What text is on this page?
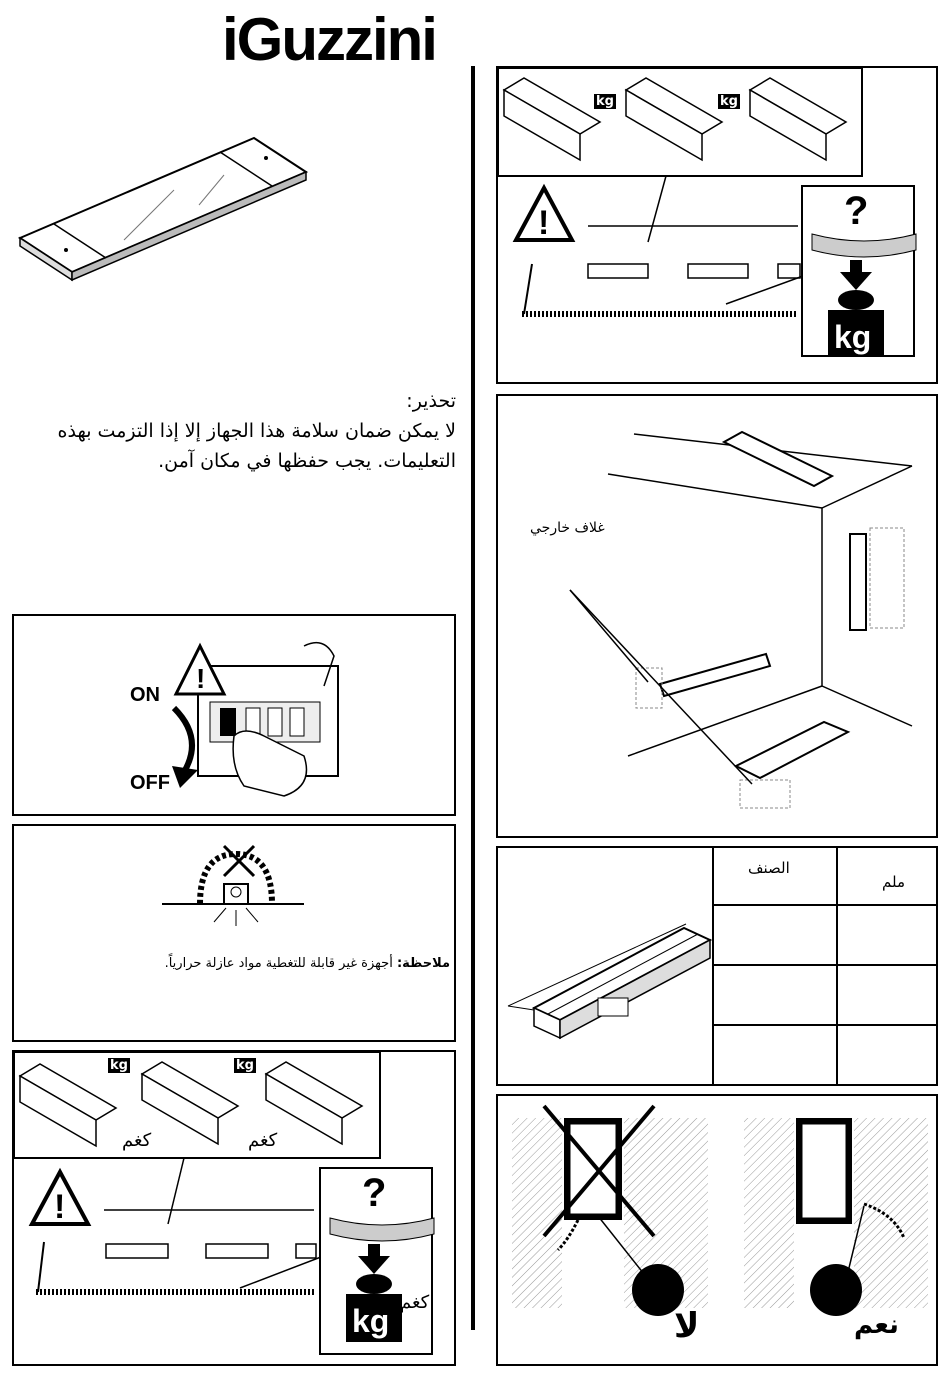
iGuzzini
تحذير:
لا يمكن ضمان سلامة هذا الجهاز إلا إذا التزمت بهذه التعليمات. يجب حفظها في مكان آمن.
!
ON
OFF
ملاحظة: أجهزة غير قابلة للتغطية مواد عازلة حرارياً.
!	?
kg
kg	kg
كغم	كغم
كغم
!	?
kg
kg	kg
غلاف خارجي
الصنف
ملم
لا	نعم
